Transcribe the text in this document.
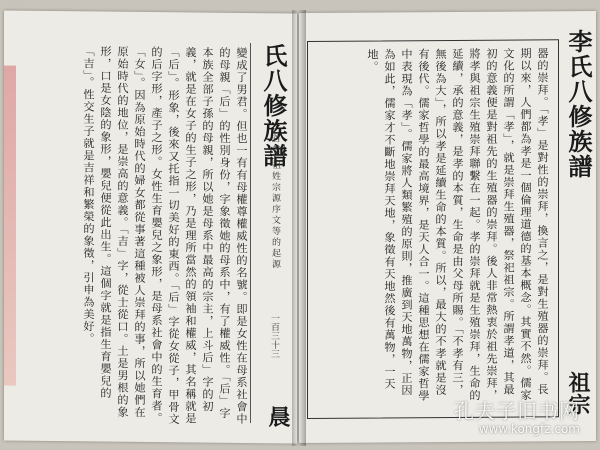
變成了男君。但也一有有母權尊權威性的名號。即是女性在母系社會中的母親「后」的性別身份，字象徵她的母系中，有了權威性。「后」字本族全部子孫的母親，所以她是母系中最高的宗主，上斗后」字的初義，就是在女子的生子之形，乃是理所當然的領袖和權威，其名稱就是「后」。形象，後來又托指一切美好的東西。「后」字從女從子，甲骨文的后字形，產子之形。女性生育嬰兒之象形，是母系社會中的生育者。「女」。因為原始時代的婦女都從事著這種被人崇拜的事，所以她們在原始時代的地位，是崇高的意義。「吉」字，從士從口。土是男根的象形，口是女陰的象形，嬰兒便從此出生。這個字就是指生育嬰兒的「吉」。性交生子就是吉祥和繁榮的象徵，引申為美好。	氏八修族譜
首卷 祖姓宗源序文等的起源
一百三十三
西晨
器的崇拜。「孝」是對性的崇拜，換言之，是對生殖器的崇拜。長期以來，人們都為孝是一個倫理道德的基本概念。其實不然。儒家文化的所謂「孝」，就是崇拜生殖器，祭祀祖宗。所謂孝道，其最初的意義便是對祖先的生殖器的崇拜。後人非常熱衷於祖先崇拜，將孝與祖宗生殖崇拜聯繫在一起。孝的崇拜就是生殖崇拜，生命的延續，承的意義，是孝的本質，生命是由父母所賜。「不孝有三，無後為大」，所以孝是延續生命的本質。所以，最大的不孝就是沒有後代。儒家哲學的最高境界，是天人合一。這種思想在儒家哲學中表現為「孝」。儒家將人類繁殖的原則，推廣到天地萬物，正因為如此，儒家才不斷地崇拜天地，象徵有天地然後有萬物，一天地。	李氏八修族譜
祖宗
孔夫子旧书网
www.kongfz.com
